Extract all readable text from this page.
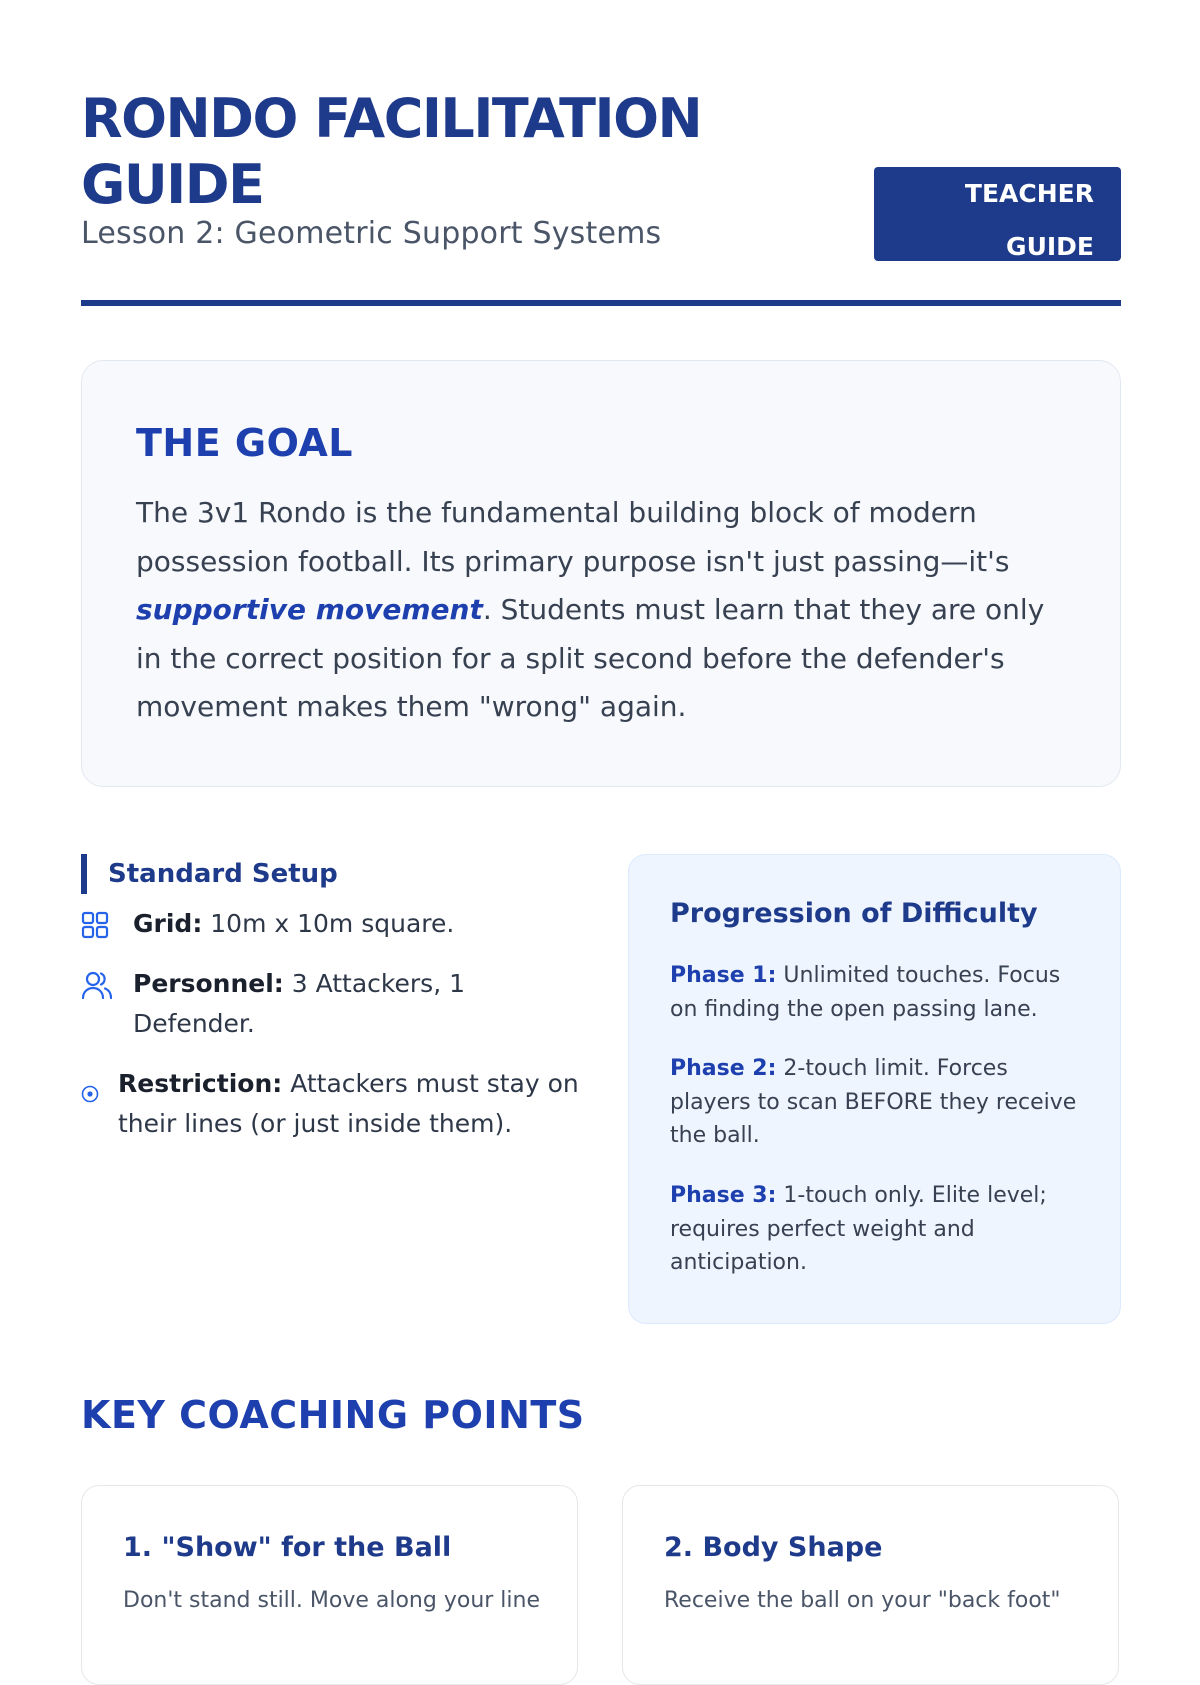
RONDO FACILITATION GUIDE
Lesson 2: Geometric Support Systems
TEACHER
GUIDE
THE GOAL

The 3v1 Rondo is the fundamental building block of modern possession football. Its primary purpose isn't just passing—it's supportive movement. Students must learn that they are only in the correct position for a split second before the defender's movement makes them "wrong" again.

Standard Setup
Grid: 10m x 10m square.
Personnel: 3 Attackers, 1 Defender.
Restriction: Attackers must stay on their lines (or just inside them).
Progression of Difficulty
Phase 1: Unlimited touches. Focus on finding the open passing lane.
Phase 2: 2-touch limit. Forces players to scan BEFORE they receive the ball.
Phase 3: 1-touch only. Elite level; requires perfect weight and anticipation.
KEY COACHING POINTS
1. "Show" for the Ball

Don't stand still. Move along your line

2. Body Shape

Receive the ball on your "back foot"
